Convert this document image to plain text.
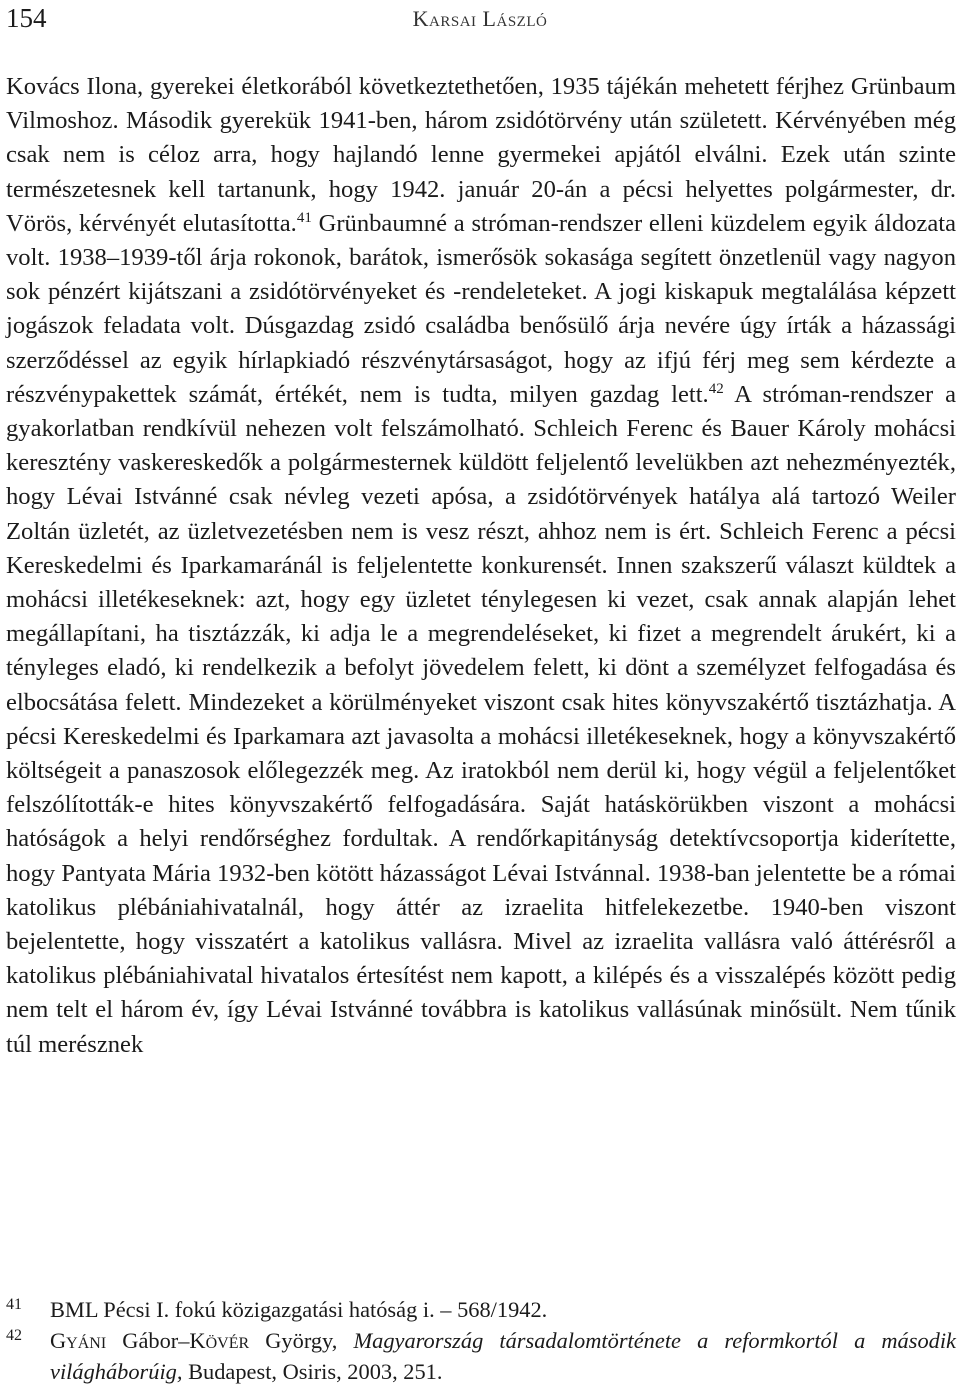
154	Karsai László

Kovács Ilona, gyerekei életkorából következtethetően, 1935 tájékán mehetett férjhez Grünbaum Vilmoshoz. Második gyerekük 1941-ben, három zsidótörvény után született. Kérvényében még csak nem is céloz arra, hogy hajlandó lenne gyermekei apjától elválni. Ezek után szinte természetesnek kell tartanunk, hogy 1942. január 20-án a pécsi helyettes polgármester, dr. Vörös, kérvényét elutasította.$^{41}$ Grünbaumné a stróman-rendszer elleni küzdelem egyik áldozata volt. 1938–1939-től árja rokonok, barátok, ismerősök sokasága segített önzetlenül vagy nagyon sok pénzért kijátszani a zsidótörvényeket és -rendeleteket. A jogi kiskapuk megtalálása képzett jogászok feladata volt. Dúsgazdag zsidó családba benősülő árja nevére úgy írták a házassági szerződéssel az egyik hírlapkiadó részvénytársaságot, hogy az ifjú férj meg sem kérdezte a részvénypakettek számát, értékét, nem is tudta, milyen gazdag lett.$^{42}$ A stróman-rendszer a gyakorlatban rendkívül nehezen volt felszámolható. Schleich Ferenc és Bauer Károly mohácsi keresztény vaskereskedők a polgármesternek küldött feljelentő levelükben azt nehezményezték, hogy Lévai Istvánné csak névleg vezeti apósa, a zsidótörvények hatálya alá tartozó Weiler Zoltán üzletét, az üzletvezetésben nem is vesz részt, ahhoz nem is ért. Schleich Ferenc a pécsi Kereskedelmi és Iparkamaránál is feljelentette konkurensét. Innen szakszerű választ küldtek a mohácsi illetékeseknek: azt, hogy egy üzletet ténylegesen ki vezet, csak annak alapján lehet megállapítani, ha tisztázzák, ki adja le a megrendeléseket, ki fizet a megrendelt árukért, ki a tényleges eladó, ki rendelkezik a befolyt jövedelem felett, ki dönt a személyzet felfogadása és elbocsátása felett. Mindezeket a körülményeket viszont csak hites könyvszakértő tisztázhatja. A pécsi Kereskedelmi és Iparkamara azt javasolta a mohácsi illetékeseknek, hogy a könyvszakértő költségeit a panaszosok előlegezzék meg. Az iratokból nem derül ki, hogy végül a feljelentőket felszólították-e hites könyvszakértő felfogadására. Saját hatáskörükben viszont a mohácsi hatóságok a helyi rendőrséghez fordultak. A rendőrkapitányság detektívcsoportja kiderítette, hogy Pantyata Mária 1932-ben kötött házasságot Lévai Istvánnal. 1938-ban jelentette be a római katolikus plébániahivatalnál, hogy áttér az izraelita hitfelekezetbe. 1940-ben viszont bejelentette, hogy visszatért a katolikus vallásra. Mivel az izraelita vallásra való áttérésről a katolikus plébániahivatal hivatalos értesítést nem kapott, a kilépés és a visszalépés között pedig nem telt el három év, így Lévai Istvánné továbbra is katolikus vallásúnak minősült. Nem tűnik túl merésznek

41 BML Pécsi I. fokú közigazgatási hatóság i. – 568/1942.
42 Gyáni Gábor–Kövér György, Magyarország társadalomtörténete a reformkortól a második világháborúig, Budapest, Osiris, 2003, 251.
